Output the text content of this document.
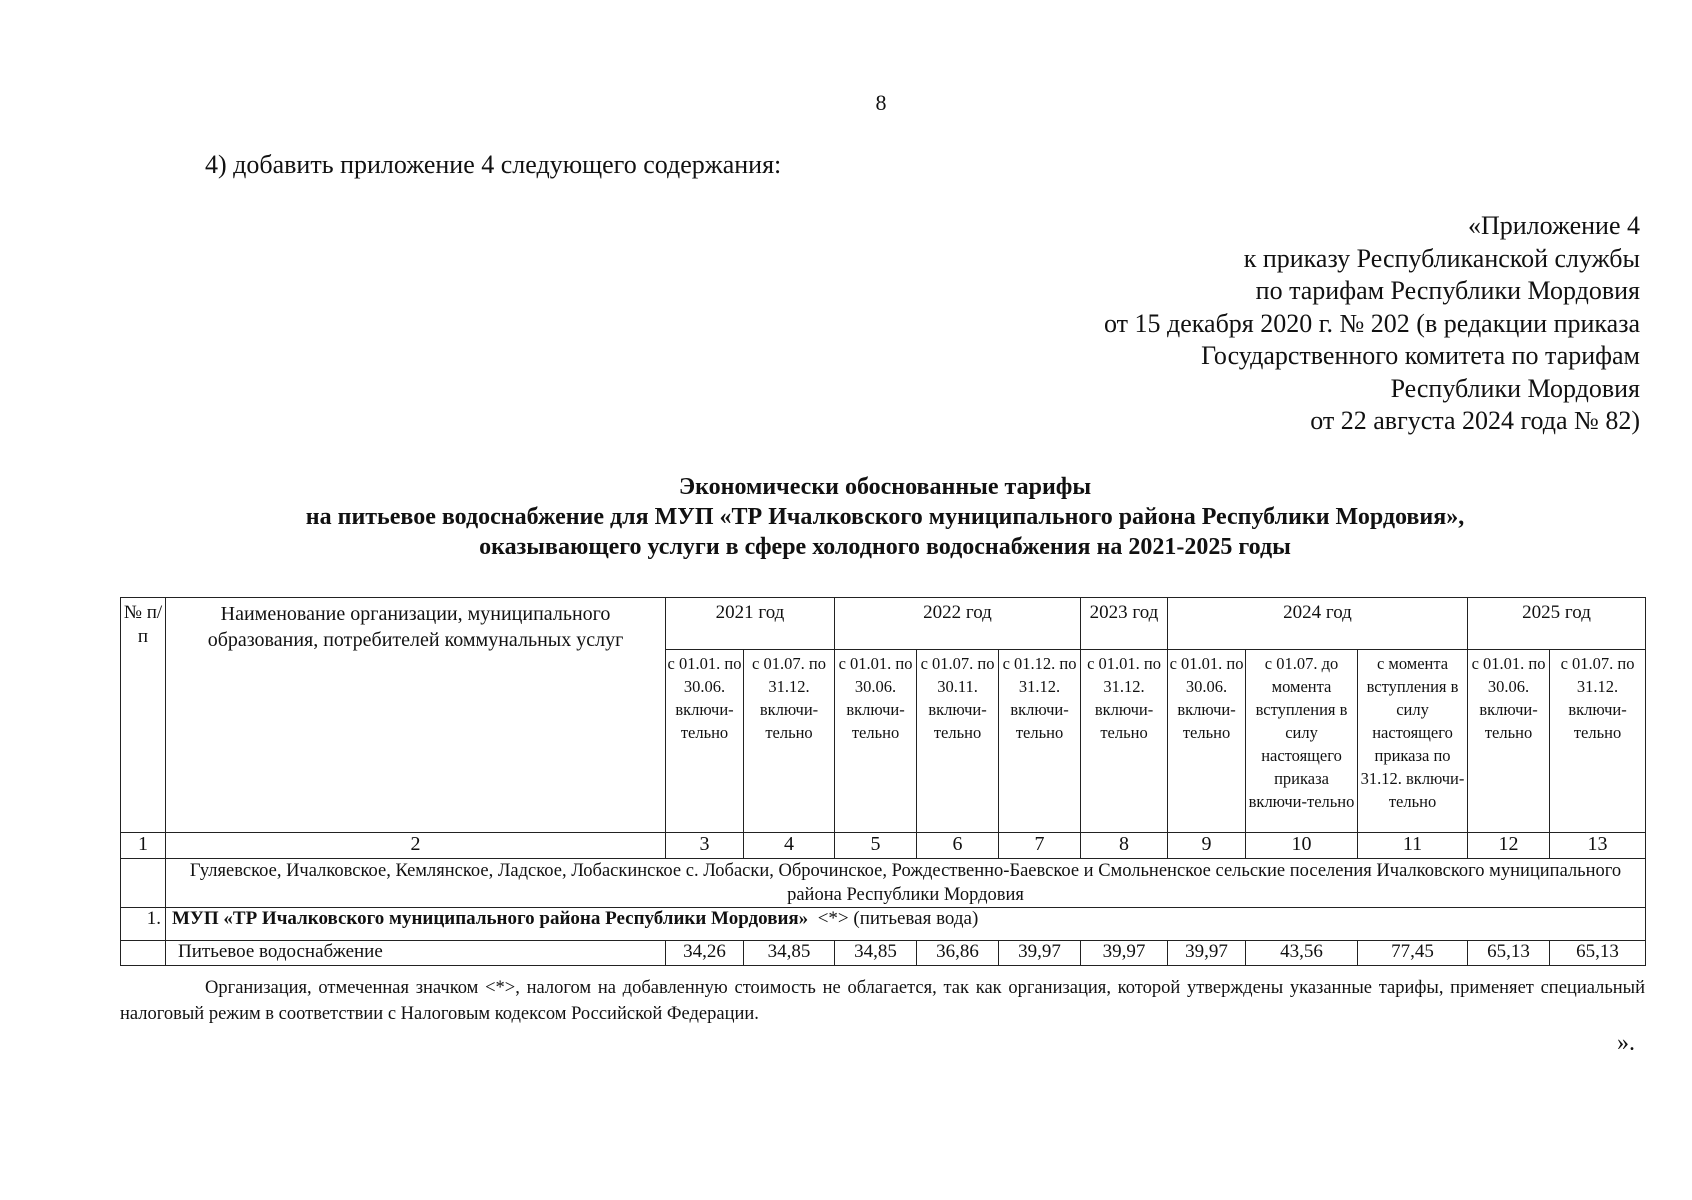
8
4) добавить приложение 4 следующего содержания:
«Приложение 4
к приказу Республиканской службы
по тарифам Республики Мордовия
от 15 декабря 2020 г. № 202 (в редакции приказа
Государственного комитета по тарифам
Республики Мордовия
от 22 августа 2024 года № 82)
Экономически обоснованные тарифы
на питьевое водоснабжение для МУП «ТР Ичалковского муниципального района Республики Мордовия»,
оказывающего услуги в сфере холодного водоснабжения на 2021-2025 годы
№ п/п	Наименование организации, муниципального образования, потребителей коммунальных услуг	2021 год		2022 год			2023 год	2024 год			2025 год	
		с 01.01. по 30.06. включи-тельно	с 01.07. по 31.12. включи-тельно	с 01.01. по 30.06. включи-тельно	с 01.07. по 30.11. включи-тельно	с 01.12. по 31.12. включи-тельно	с 01.01. по 31.12. включи-тельно	с 01.01. по 30.06. включи-тельно	с 01.07. до момента вступления в силу настоящего приказа включи-тельно	с момента вступления в силу настоящего приказа по 31.12. включи-тельно	с 01.01. по 30.06. включи-тельно	с 01.07. по 31.12. включи-тельно
1	2	3	4	5	6	7	8	9	10	11	12	13
	Гуляевское, Ичалковское, Кемлянское, Ладское, Лобаскинское с. Лобаски, Оброчинское, Рождественно-Баевское и Смольненское сельские поселения Ичалковского муниципального района Республики Мордовия											
1.	МУП «ТР Ичалковского муниципального района Республики Мордовия» <*> (питьевая вода)											
	Питьевое водоснабжение	34,26	34,85	34,85	36,86	39,97	39,97	39,97	43,56	77,45	65,13	65,13
Организация, отмеченная значком <*>, налогом на добавленную стоимость не облагается, так как организация, которой утверждены указанные тарифы, применяет специальный налоговый режим в соответствии с Налоговым кодексом Российской Федерации.
».
